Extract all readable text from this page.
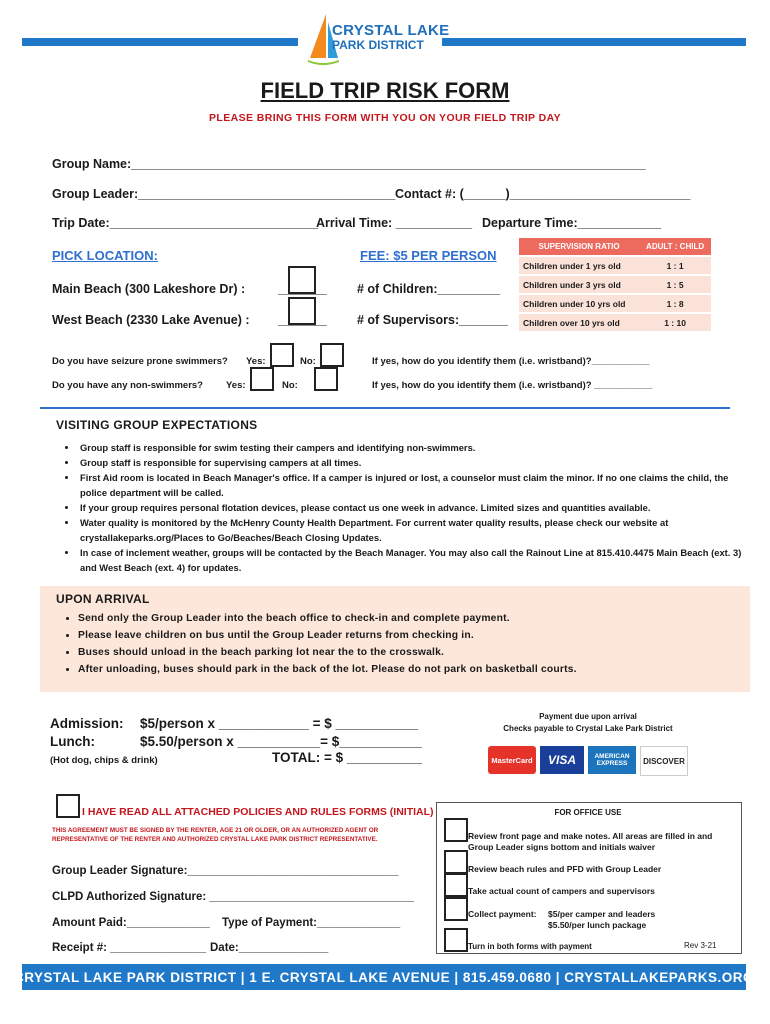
CRYSTAL LAKE
PARK DISTRICT
FIELD TRIP RISK FORM
PLEASE BRING THIS FORM WITH YOU ON YOUR FIELD TRIP DAY
Group Name:__________________________________________________________________________
Group Leader:_____________________________________ Contact #: (______)__________________________
Trip Date:______________________________
Arrival Time: ___________ Departure Time:____________
PICK LOCATION:	FEE: $5 PER PERSON
Main Beach (300 Lakeshore Dr) :	_______ # of Children:_________
West Beach (2330 Lake Avenue) : _______ # of Supervisors:_______
SUPERVISION RATIO	ADULT : CHILD
Children under 1 yrs old	1 : 1
Children under 3 yrs old	1 : 5
Children under 10 yrs old	1 : 8
Children over 10 yrs old	1 : 10
Do you have seizure prone swimmers? Yes:	No:	If yes, how do you identify them (i.e. wristband)?___________
Do you have any non-swimmers? Yes:	No:	If yes, how do you identify them (i.e. wristband)? ___________
VISITING GROUP EXPECTATIONS
• Group staff is responsible for swim testing their campers and identifying non-swimmers.
• Group staff is responsible for supervising campers at all times.
• First Aid room is located in Beach Manager's office. If a camper is injured or lost, a counselor must claim the minor. If no one claims the child, the police department will be called.
• If your group requires personal flotation devices, please contact us one week in advance. Limited sizes and quantities available.
• Water quality is monitored by the McHenry County Health Department. For current water quality results, please check our website at crystallakeparks.org/Places to Go/Beaches/Beach Closing Updates.
• In case of inclement weather, groups will be contacted by the Beach Manager. You may also call the Rainout Line at 815.410.4475 Main Beach (ext. 3) and West Beach (ext. 4) for updates.
UPON ARRIVAL
• Send only the Group Leader into the beach office to check-in and complete payment.
• Please leave children on bus until the Group Leader returns from checking in.
• Buses should unload in the beach parking lot near the to the crosswalk.
• After unloading, buses should park in the back of the lot. Please do not park on basketball courts.
Admission: $5/person x ____________ = $ ___________
Lunch:	$5.50/person x ___________= $___________
(Hot dog, chips & drink)	TOTAL: = $ __________
Payment due upon arrival
Checks payable to Crystal Lake Park District
MasterCard	VISA	AMERICAN EXPRESS	DISCOVER
I HAVE READ ALL ATTACHED POLICIES AND RULES FORMS (INITIAL)
THIS AGREEMENT MUST BE SIGNED BY THE RENTER, AGE 21 OR OLDER, OR AN AUTHORIZED AGENT OR REPRESENTATIVE OF THE RENTER AND AUTHORIZED CRYSTAL LAKE PARK DISTRICT REPRESENTATIVE.
Group Leader Signature:_________________________________
CLPD Authorized Signature: ________________________________
Amount Paid:_____________ Type of Payment:_____________
Receipt #: _______________ Date:______________
FOR OFFICE USE
Review front page and make notes. All areas are filled in and Group Leader signs bottom and initials waiver
Review beach rules and PFD with Group Leader
Take actual count of campers and supervisors
Collect payment: $5/per camper and leaders
$5.50/per lunch package
Turn in both forms with payment	Rev 3-21
CRYSTAL LAKE PARK DISTRICT | 1 E. CRYSTAL LAKE AVENUE | 815.459.0680 | CRYSTALLAKEPARKS.ORG
